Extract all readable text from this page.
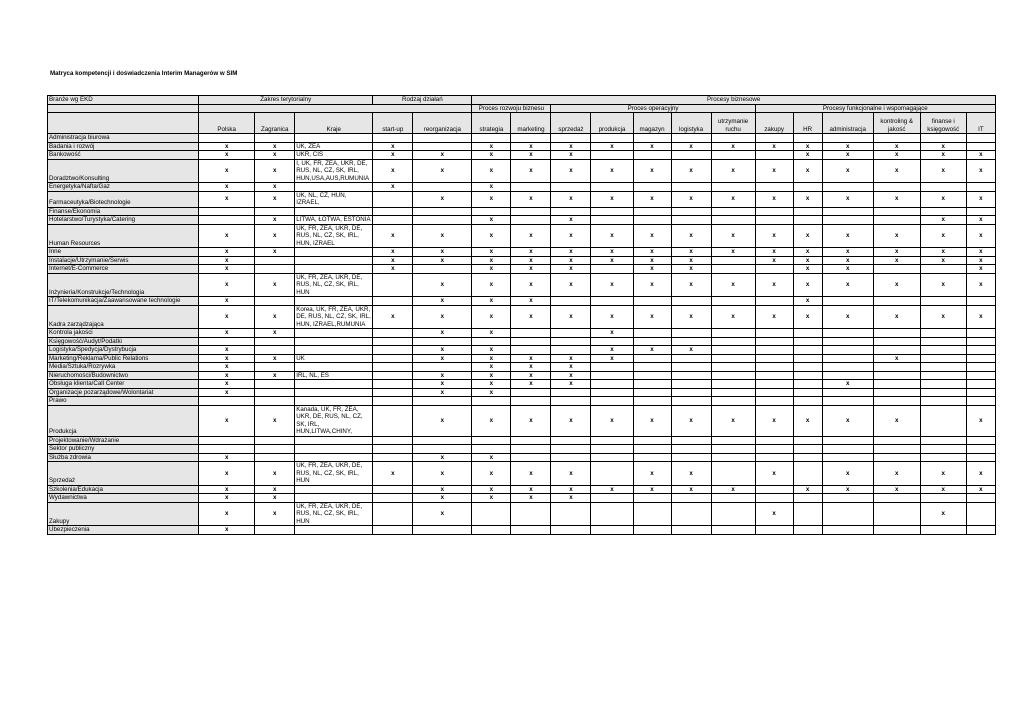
Matryca kompetencji i doświadczenia Interim Managerów w SIM
Branże wg EKD	Zakres terytorialny			Rodzaj działań		Procesy biznesowe												
						Proces rozwoju biznesu		Proces operacyjny					Procesy funkcjonalne i wspomagające					
	Polska	Zagranica	Kraje	start-up	reorganizacja	strategia	marketing	sprzedaż	produkcja	magazyn	logistyka	utrzymanie ruchu	zakupy	HR	administracja	kontroling & jakość	finanse i księgowość	IT
Administracja biurowa																		
Badania i rozwój	x	x	UK, ZEA	x		x	x	x	x	x	x	x	x	x	x	x	x	
Bankowość	x	x	UKR, CIS	x	x	x	x	x						x	x	x	x	x
Doradztwo/Konsulting	x	x	I, UK, FR, ZEA, UKR, DE, RUS, NL, CZ, SK, IRL, HUN,USA,AUS,RUMUNIA	x	x	x	x	x	x	x	x	x	x	x	x	x	x	x
Energetyka/Nafta/Gaz	x	x		x		x												
Farmaceutyka/Biotechnologie	x	x	UK, NL, CZ, HUN, IZRAEL,		x	x	x	x	x	x	x	x	x	x	x	x	x	x
Finanse/Ekonomia																		
Hotelarstwo/Turystyka/Catering		x	LITWA, ŁOTWA, ESTONIA			x		x									x	x
Human Resources	x	x	UK, FR, ZEA, UKR, DE, RUS, NL, CZ, SK, IRL, HUN, IZRAEL	x	x	x	x	x	x	x	x	x	x	x	x	x	x	x
Inne	x	x		x	x	x	x	x	x	x	x	x	x	x	x	x	x	x
Instalacje/Utrzymanie/Serwis	x			x	x	x	x	x	x	x	x		x	x	x	x	x	x
Internet/E-Commerce	x			x		x	x	x		x	x			x	x			x
Inżynieria/Konstrukcje/Technologia	x	x	UK, FR, ZEA, UKR, DE, RUS, NL, CZ, SK, IRL, HUN		x	x	x	x	x	x	x	x	x	x	x	x	x	x
IT/Telekomunikacja/Zaawansowane technologie	x				x	x	x							x				
Kadra zarządzająca	x	x	Korea, UK, FR, ZEA, UKR, DE, RUS, NL, CZ, SK, IRL, HUN, IZRAEL,RUMUNIA	x	x	x	x	x	x	x	x	x	x	x	x	x	x	x
Kontrola jakości	x	x			x	x			x									
Księgowość/Audyt/Podatki																		
Logistyka/Spedycja/Dystrybucja	x				x	x			x	x	x							
Marketing/Reklama/Public Relations	x	x	UK		x	x	x	x	x							x		
Media/Sztuka/Rozrywka	x					x	x	x										
Nieruchomości/Budownictwo	x	x	IRL, NL, ES		x	x	x	x										
Obsługa klienta/Call Center	x				x	x	x	x							x			
Organizacje pozarządowe/Wolontariat	x				x	x												
Prawo																		
Produkcja	x	x	Kanada, UK, FR, ZEA, UKR, DE, RUS, NL, CZ, SK, IRL, HUN,LITWA,CHINY,		x	x	x	x	x	x	x	x	x	x	x	x		x
Projektowanie/Wdrażanie																		
Sektor publiczny																		
Służba zdrowia	x				x	x												
Sprzedaż	x	x	UK, FR, ZEA, UKR, DE, RUS, NL, CZ, SK, IRL, HUN	x	x	x	x	x		x	x		x		x	x	x	x
Szkolenia/Edukacja	x	x			x	x	x	x	x	x	x	x		x	x	x	x	x
Wydawnictwa	x	x			x	x	x	x										
Zakupy	x	x	UK, FR, ZEA, UKR, DE, RUS, NL, CZ, SK, IRL, HUN		x								x				x	
Ubezpieczenia	x																	
